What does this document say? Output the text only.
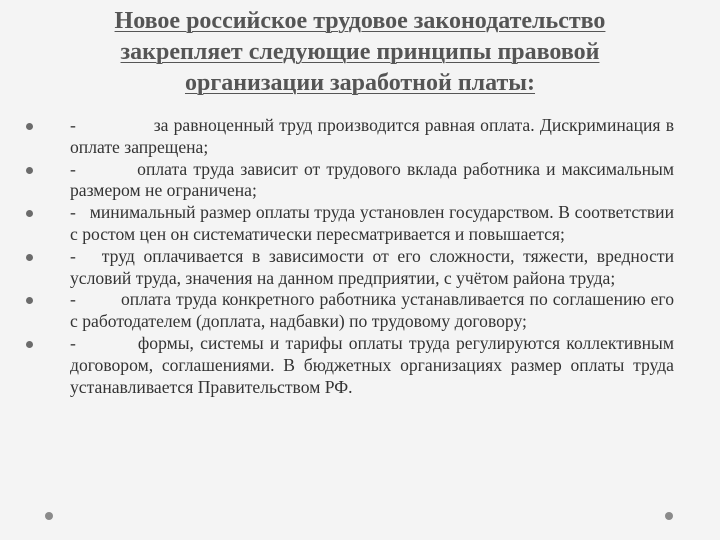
Новое российское трудовое законодательство закрепляет следующие принципы правовой организации заработной платы:
-               за равноценный труд производится равная оплата. Дискриминация в оплате запрещена;
-          оплата труда зависит от трудового вклада работника и максимальным размером не ограничена;
-   минимальный размер оплаты труда установлен государством. В соответствии с ростом цен он систематически пересматривается и повышается;
-   труд оплачивается в зависимости от его сложности, тяжести, вредности условий труда, значения на данном предприятии, с учётом района труда;
-         оплата труда конкретного работника устанавливается по соглашению его с работодателем (доплата, надбавки) по трудовому договору;
-          формы, системы и тарифы оплаты труда регулируются коллективным договором, соглашениями. В бюджетных организациях размер оплаты труда устанавливается Правительством РФ.
